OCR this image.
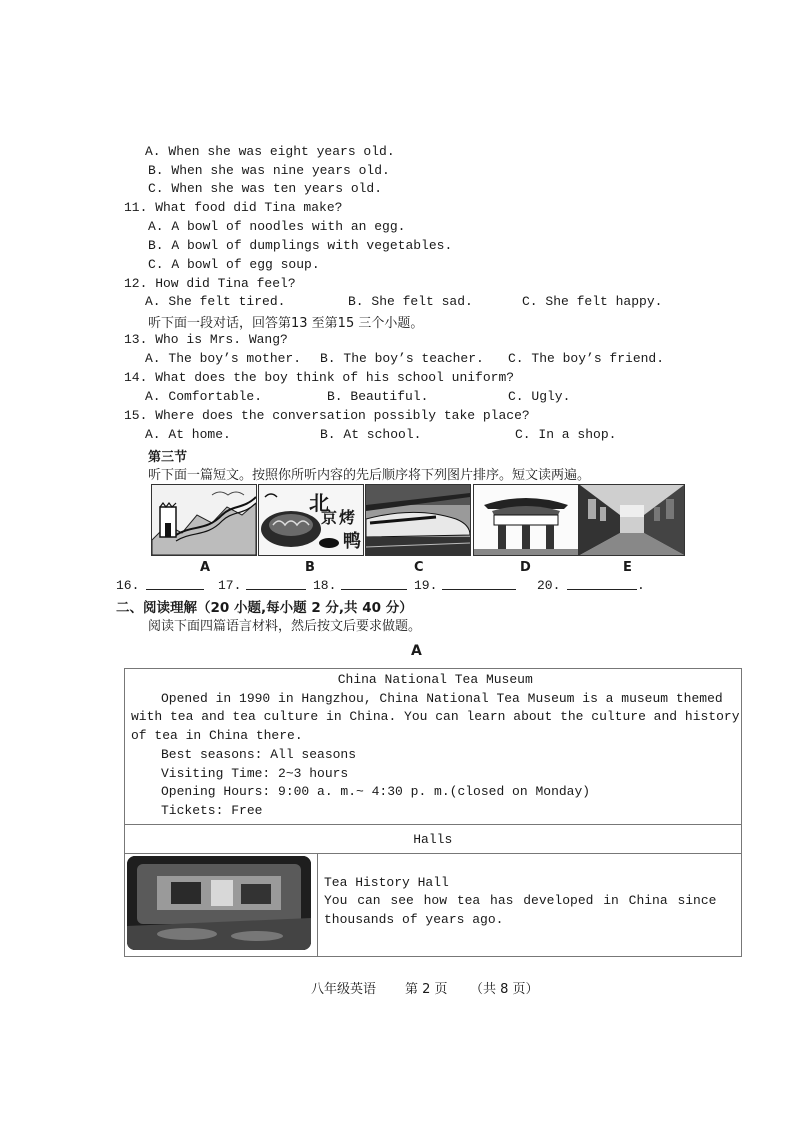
A. When she was eight years old.
B. When she was nine years old.
C. When she was ten years old.
11. What food did Tina make?
A. A bowl of noodles with an egg.
B. A bowl of dumplings with vegetables.
C. A bowl of egg soup.
12. How did Tina feel?
A. She felt tired.	B. She felt sad.	C. She felt happy.
听下面一段对话，回答第13 至第15 三个小题。
13. Who is Mrs. Wang?
A. The boy’s mother. B. The boy’s teacher. C. The boy’s friend.
14. What does the boy think of his school uniform?
A. Comfortable.	B. Beautiful.	C. Ugly.
15. Where does the conversation possibly take place?
A. At home.	B. At school.	C. In a shop.
第三节
听下面一篇短文。按照你所听内容的先后顺序将下列图片排序。短文读两遍。
北
京 烤
鸭
A	B	C	D	E
16.	17.	18.	19.	20.	.
二、阅读理解（20 小题,每小题 2 分,共 40 分）
阅读下面四篇语言材料，然后按文后要求做题。
A
China National Tea Museum
Opened in 1990 in Hangzhou, China National Tea Museum is a museum themed
with tea and tea culture in China. You can learn about the culture and history
of tea in China there.
Best seasons: All seasons
Visiting Time: 2~3 hours
Opening Hours: 9:00 a. m.~ 4:30 p. m.(closed on Monday)
Tickets: Free

Halls

Tea History Hall
You can see how tea has developed in China since
thousands of years ago.
八年级英语 第 2 页 （共 8 页）
